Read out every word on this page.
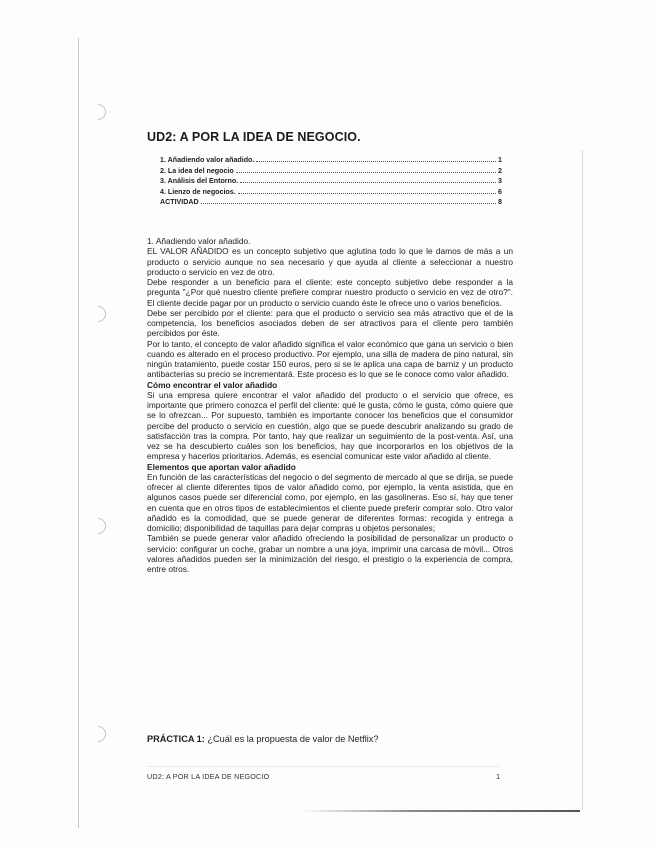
UD2: A POR LA IDEA DE NEGOCIO.
1. Añadiendo valor añadido.	1
2. La idea del negocio	2
3. Análisis del Entorno.	3
4. Lienzo de negocios.	6
ACTIVIDAD	8

1. Añadiendo valor añadido.

EL VALOR AÑADIDO es un concepto subjetivo que aglutina todo lo que le damos de más a un producto o servicio aunque no sea necesario y que ayuda al cliente a seleccionar a nuestro producto o servicio en vez de otro.

Debe responder a un beneficio para el cliente: este concepto subjetivo debe responder a la pregunta "¿Por qué nuestro cliente prefiere comprar nuestro producto o servicio en vez de otro?". El cliente decide pagar por un producto o servicio cuando éste le ofrece uno o varios beneficios.

Debe ser percibido por el cliente: para que el producto o servicio sea más atractivo que el de la competencia, los beneficios asociados deben de ser atractivos para el cliente pero también percibidos por éste.

Por lo tanto, el concepto de valor añadido significa el valor económico que gana un servicio o bien cuando es alterado en el proceso productivo. Por ejemplo, una silla de madera de pino natural, sin ningún tratamiento, puede costar 150 euros, pero si se le aplica una capa de barniz y un producto antibacterias su precio se incrementará. Este proceso es lo que se le conoce como valor añadido.

Cómo encontrar el valor añadido

Si una empresa quiere encontrar el valor añadido del producto o el servicio que ofrece, es importante que primero conozca el perfil del cliente: qué le gusta, cómo le gusta, cómo quiere que se lo ofrezcan... Por supuesto, también es importante conocer los beneficios que el consumidor percibe del producto o servicio en cuestión, algo que se puede descubrir analizando su grado de satisfacción tras la compra. Por tanto, hay que realizar un seguimiento de la post-venta. Así, una vez se ha descubierto cuáles son los beneficios, hay que incorporarlos en los objetivos de la empresa y hacerlos prioritarios. Además, es esencial comunicar este valor añadido al cliente.

Elementos que aportan valor añadido

En función de las características del negocio o del segmento de mercado al que se dirija, se puede ofrecer al cliente diferentes tipos de valor añadido como, por ejemplo, la venta asistida, que en algunos casos puede ser diferencial como, por ejemplo, en las gasolineras. Eso sí, hay que tener en cuenta que en otros tipos de establecimientos el cliente puede preferir comprar solo. Otro valor añadido es la comodidad, que se puede generar de diferentes formas: recogida y entrega a domicilio; disponibilidad de taquillas para dejar compras u objetos personales;

También se puede generar valor añadido ofreciendo la posibilidad de personalizar un producto o servicio: configurar un coche, grabar un nombre a una joya, imprimir una carcasa de móvil... Otros valores añadidos pueden ser la minimización del riesgo, el prestigio o la experiencia de compra, entre otros.

PRÁCTICA 1: ¿Cuál es la propuesta de valor de Netflix?
UD2: A POR LA IDEA DE NEGOCIO	1
